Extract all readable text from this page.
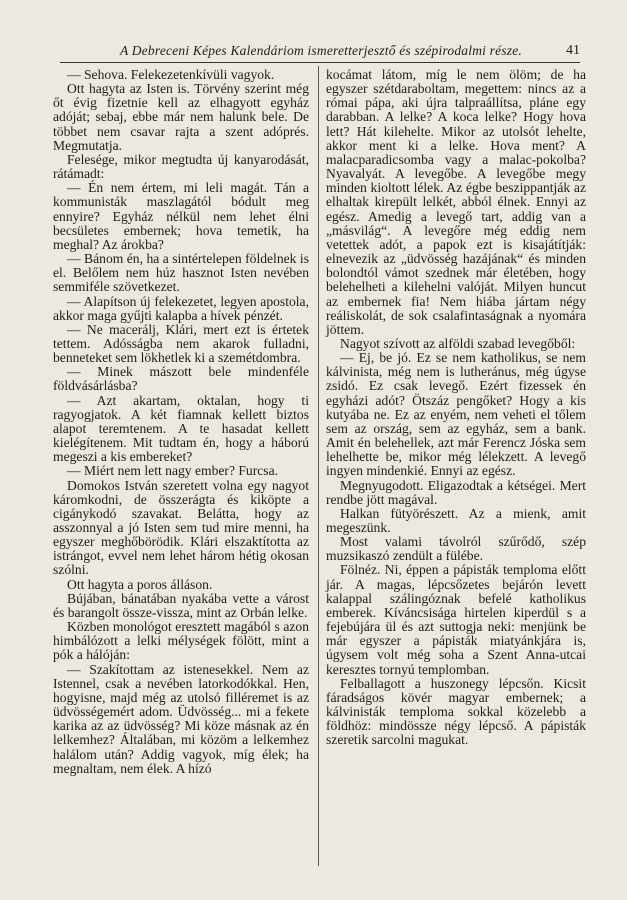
A Debreceni Képes Kalendáriom ismeretterjesztő és szépirodalmi része.	41

— Sehova. Felekezetenkívüli vagyok.

Ott hagyta az Isten is. Törvény szerint még őt évig fizetnie kell az elhagyott egyház adóját; sebaj, ebbe már nem halunk bele. De többet nem csavar rajta a szent adóprés. Megmutatja.

Felesége, mikor megtudta új kanyarodását, rátámadt:

— Én nem értem, mi leli magát. Tán a kommunisták maszlagától bódult meg ennyire? Egyház nélkül nem lehet élni becsületes embernek; hova temetik, ha meghal? Az árokba?

— Bánom én, ha a sintértelepen földelnek is el. Belőlem nem húz hasznot Isten nevében semmiféle szövetkezet.

— Alapítson új felekezetet, legyen apostola, akkor maga gyűjti kalapba a hívek pénzét.

— Ne macerálj, Klári, mert ezt is értetek tettem. Adósságba nem akarok fulladni, benneteket sem lökhetlek ki a szemétdombra.

— Minek mászott bele mindenféle földvásárlásba?

— Azt akartam, oktalan, hogy ti ragyogjatok. A két fiamnak kellett biztos alapot teremtenem. A te hasadat kellett kielégítenem. Mit tudtam én, hogy a háború megeszi a kis embereket?

— Miért nem lett nagy ember? Furcsa.

Domokos István szeretett volna egy nagyot káromkodni, de összerágta és kiköpte a cigánykodó szavakat. Belátta, hogy az asszonnyal a jó Isten sem tud mire menni, ha egyszer meghőbörödik. Klári elszaktította az istrángot, evvel nem lehet három hétig okosan szólni.

Ott hagyta a poros álláson.

Bújában, bánatában nyakába vette a várost és barangolt össze-vissza, mint az Orbán lelke.

Közben monológot eresztett magából s azon himbálózott a lelki mélységek fölött, mint a pók a hálóján:

— Szakítottam az istenesekkel. Nem az Istennel, csak a nevében latorkodókkal. Hen, hogyisne, majd még az utolsó filléremet is az üdvösségemért adom. Üdvösség... mi a fekete karika az az üdvösség? Mi köze másnak az én lelkemhez? Általában, mi közöm a lelkemhez halálom után? Addig vagyok, míg élek; ha megnaltam, nem élek. A hízó

kocámat látom, míg le nem ölöm; de ha egyszer szétdaraboltam, megettem: nincs az a római pápa, aki újra talpraállítsa, pláne egy darabban. A lelke? A koca lelke? Hogy hova lett? Hát kilehelte. Mikor az utolsót lehelte, akkor ment ki a lelke. Hova ment? A malacparadicsomba vagy a malac-pokolba? Nyavalyát. A levegőbe. A levegőbe megy minden kioltott lélek. Az égbe beszippantják az elhaltak kirepült lelkét, abból élnek. Ennyi az egész. Amedig a levegő tart, addig van a „másvilág“. A levegőre még eddig nem vetettek adót, a papok ezt is kisajátítják: elnevezik az „üdvösség hazájának“ és minden bolondtól vámot szednek már életében, hogy belehelheti a kilehelni valóját. Milyen huncut az embernek fia! Nem hiába jártam négy reáliskolát, de sok csalafintaságnak a nyomára jöttem.

Nagyot szívott az alföldi szabad levegőből:

— Ej, be jó. Ez se nem katholikus, se nem kálvinista, még nem is lutheránus, még úgyse zsidó. Ez csak levegő. Ezért fizessek én egyházi adót? Ötszáz pengőket? Hogy a kis kutyába ne. Ez az enyém, nem veheti el tőlem sem az ország, sem az egyház, sem a bank. Amit én belehellek, azt már Ferencz Jóska sem lehelhette be, mikor még lélekzett. A levegő ingyen mindenkié. Ennyi az egész.

Megnyugodott. Eligazodtak a kétségei. Mert rendbe jött magával.

Halkan fütyörészett. Az a mienk, amit megeszünk.

Most valami távolról szűrődő, szép muzsikaszó zendült a fülébe.

Fölnéz. Ni, éppen a pápisták temploma előtt jár. A magas, lépcsőzetes bejárón levett kalappal szálingóznak befelé katholikus emberek. Kíváncsisága hirtelen kiperdül s a fejebújára ül és azt suttogja neki: menjünk be már egyszer a pápisták miatyánkjára is, úgysem volt még soha a Szent Anna-utcai keresztes tornyú templomban.

Felballagott a huszonegy lépcsőn. Kicsit fáradságos kövér magyar embernek; a kálvinisták temploma sokkal közelebb a földhöz: mindössze négy lépcső. A pápisták szeretik sarcolni magukat.
